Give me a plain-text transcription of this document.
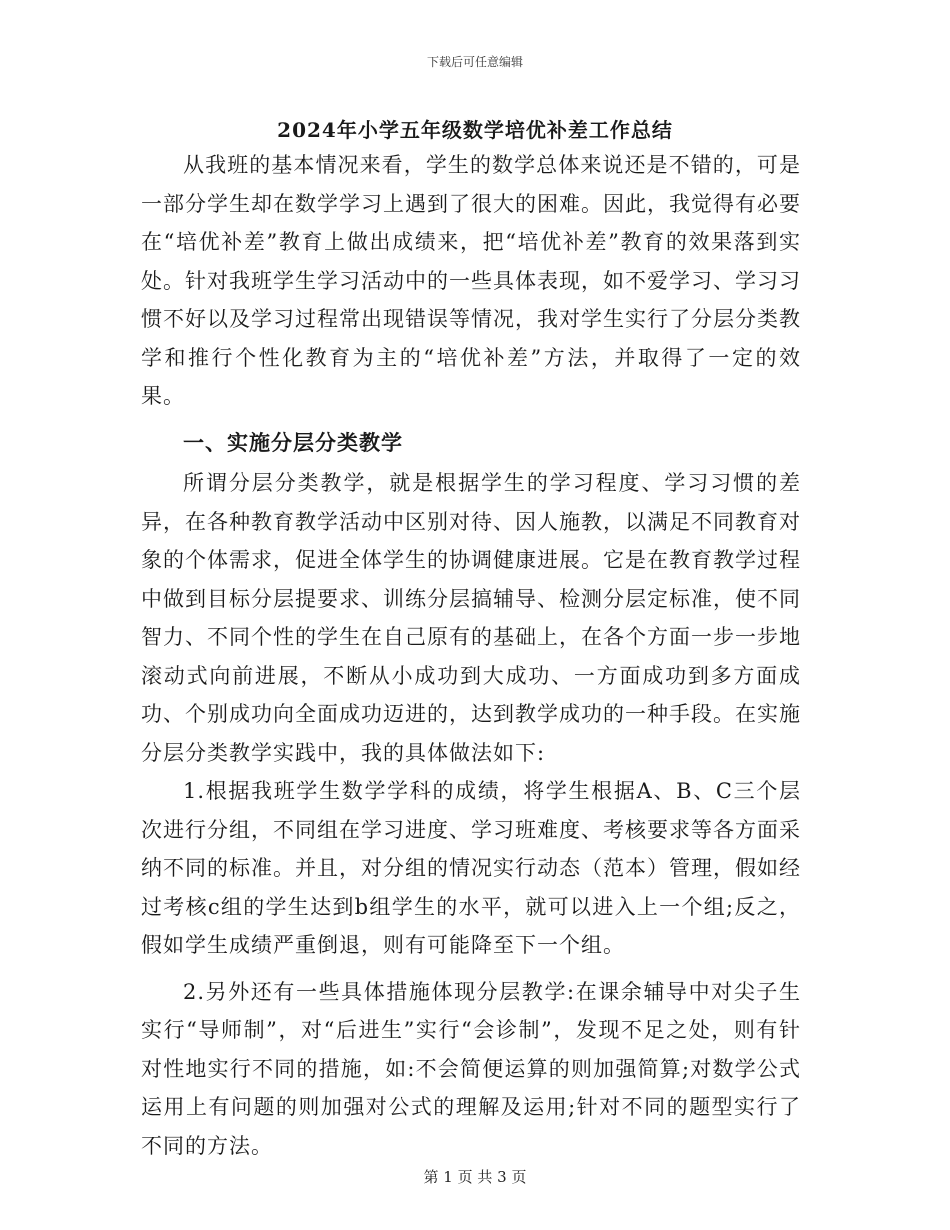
下载后可任意编辑
2024年小学五年级数学培优补差工作总结

从我班的基本情况来看，学生的数学总体来说还是不错的，可是一部分学生却在数学学习上遇到了很大的困难。因此，我觉得有必要在“培优补差”教育上做出成绩来，把“培优补差”教育的效果落到实处。针对我班学生学习活动中的一些具体表现，如不爱学习、学习习惯不好以及学习过程常出现错误等情况，我对学生实行了分层分类教学和推行个性化教育为主的“培优补差”方法，并取得了一定的效果。

一、实施分层分类教学

所谓分层分类教学，就是根据学生的学习程度、学习习惯的差异，在各种教育教学活动中区别对待、因人施教，以满足不同教育对象的个体需求，促进全体学生的协调健康进展。它是在教育教学过程中做到目标分层提要求、训练分层搞辅导、检测分层定标准，使不同智力、不同个性的学生在自己原有的基础上，在各个方面一步一步地滚动式向前进展，不断从小成功到大成功、一方面成功到多方面成功、个别成功向全面成功迈进的，达到教学成功的一种手段。在实施分层分类教学实践中，我的具体做法如下:

1.根据我班学生数学学科的成绩，将学生根据A、B、C三个层次进行分组，不同组在学习进度、学习班难度、考核要求等各方面采纳不同的标准。并且，对分组的情况实行动态（范本）管理，假如经过考核c组的学生达到b组学生的水平，就可以进入上一个组;反之，假如学生成绩严重倒退，则有可能降至下一个组。

2.另外还有一些具体措施体现分层教学:在课余辅导中对尖子生实行“导师制”，对“后进生”实行“会诊制”，发现不足之处，则有针对性地实行不同的措施，如:不会简便运算的则加强简算;对数学公式运用上有问题的则加强对公式的理解及运用;针对不同的题型实行了不同的方法。

第 1 页 共 3 页
